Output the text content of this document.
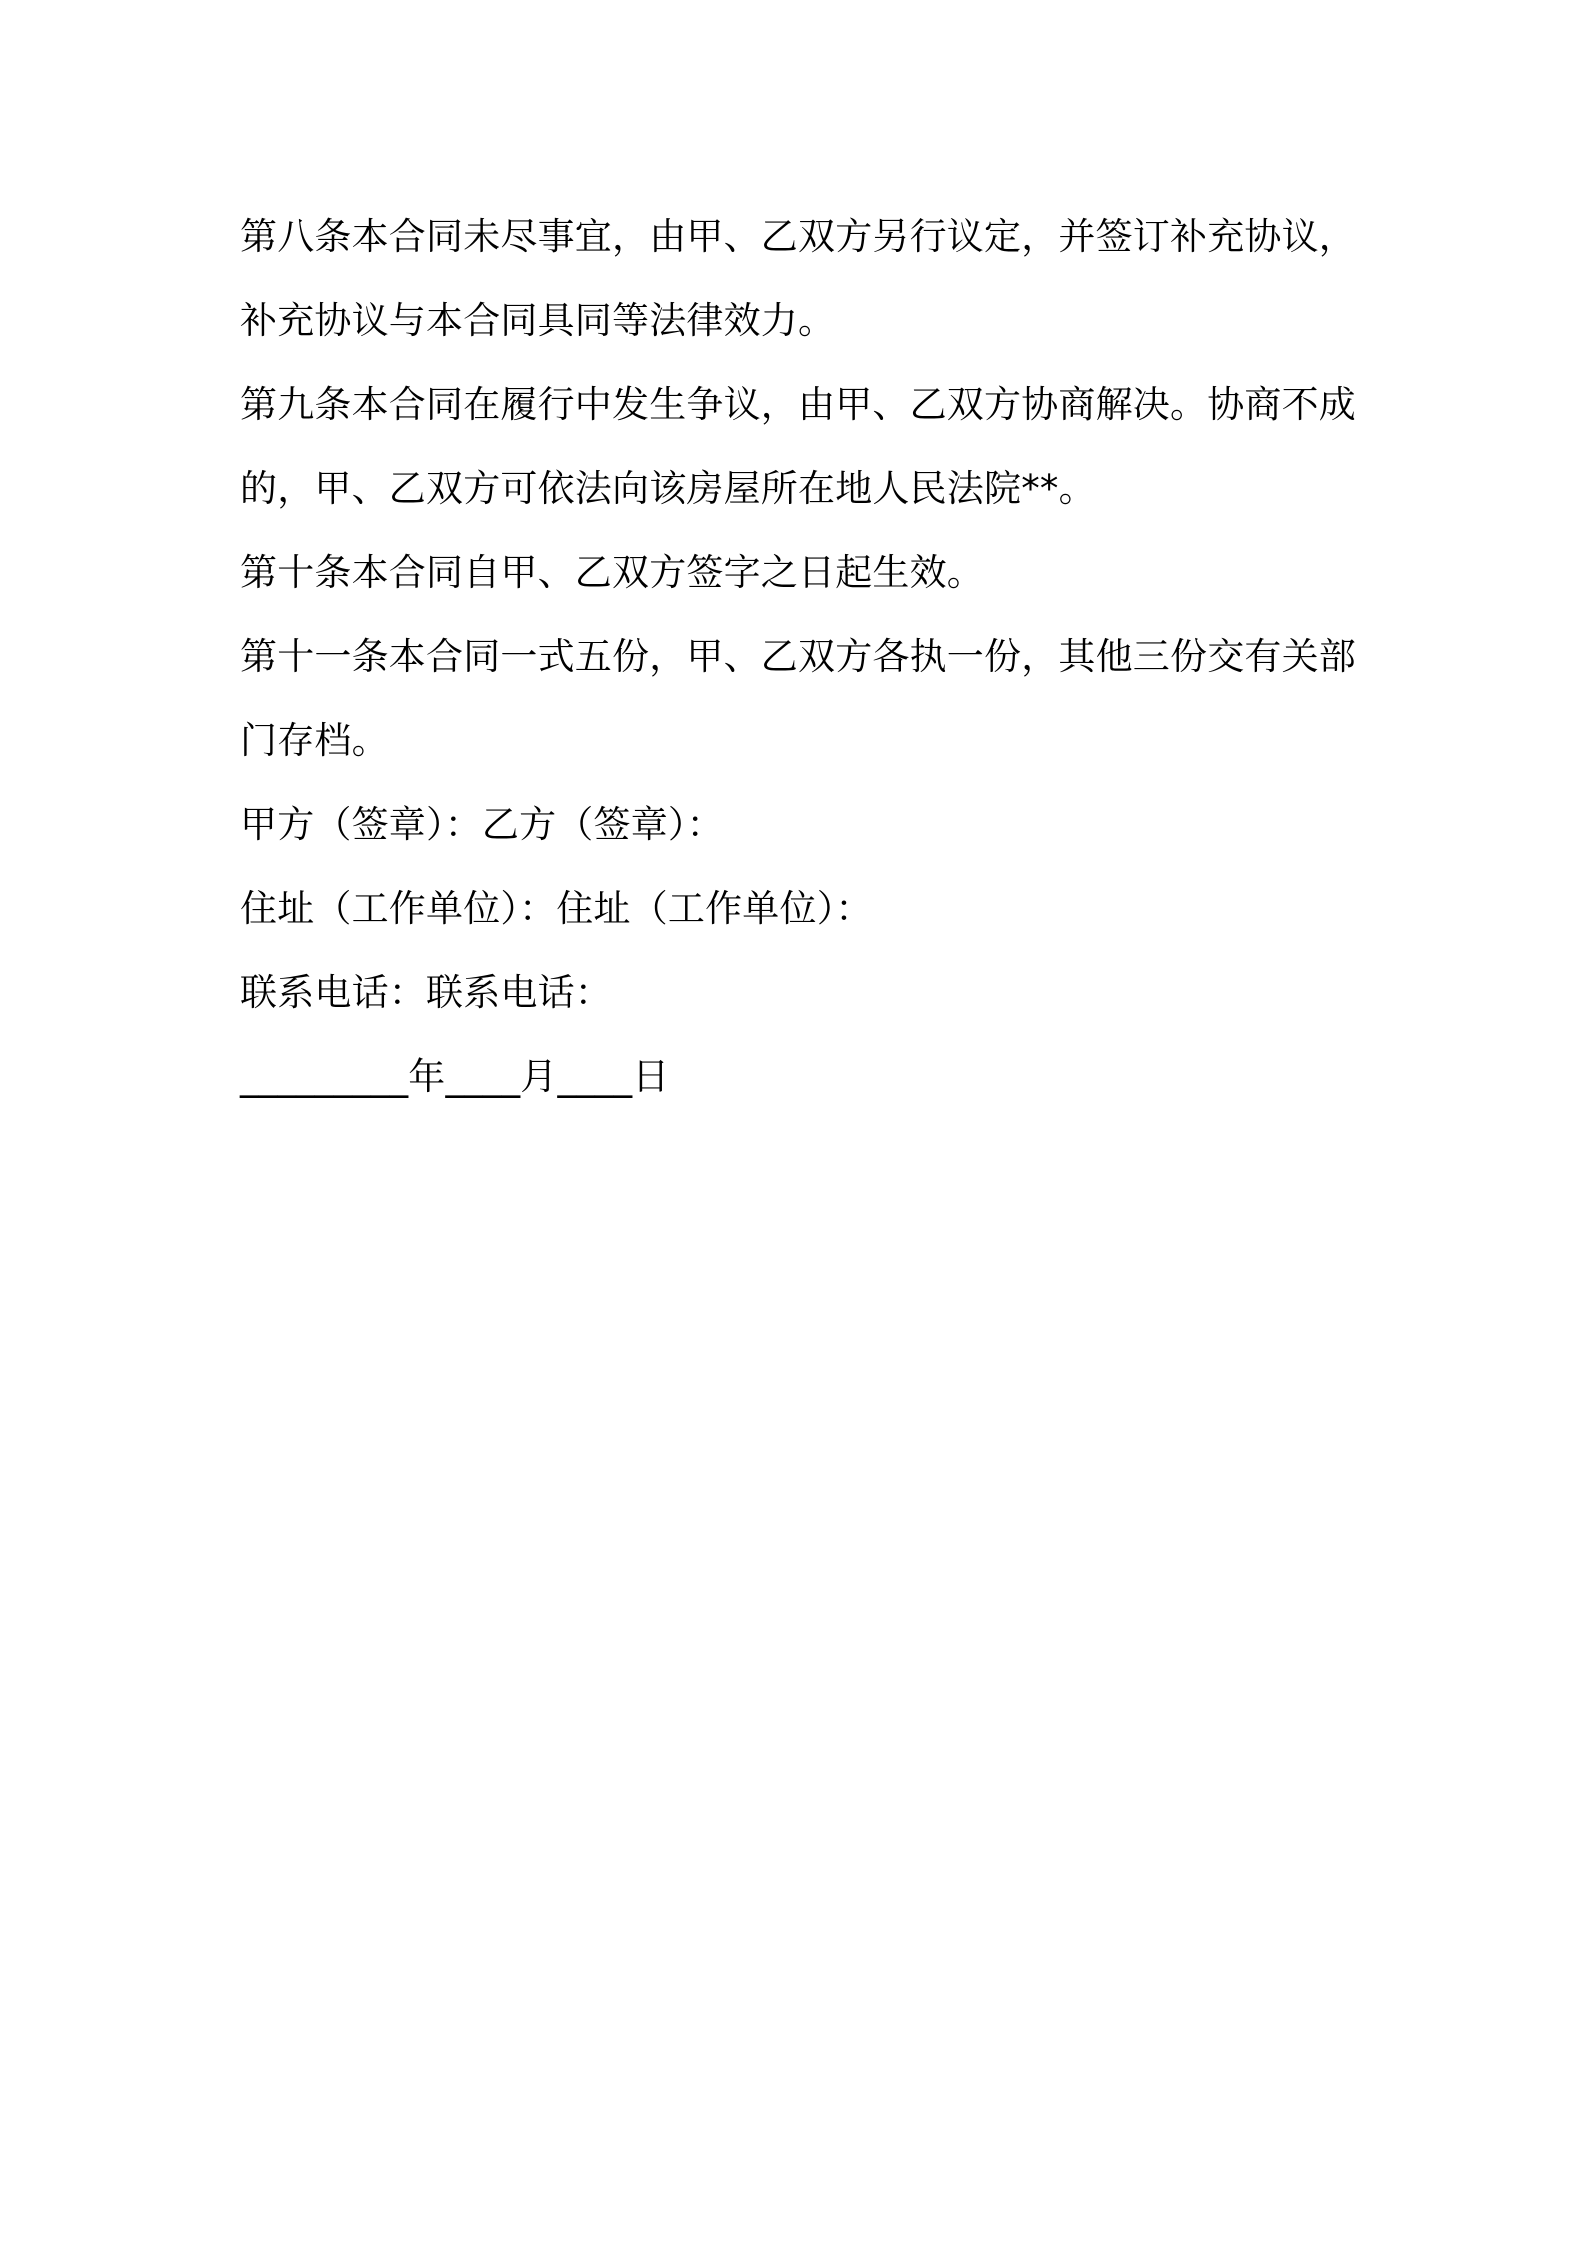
第八条本合同未尽事宜，由甲、乙双方另行议定，并签订补充协议，
补充协议与本合同具同等法律效力。
第九条本合同在履行中发生争议，由甲、乙双方协商解决。协商不成
的，甲、乙双方可依法向该房屋所在地人民法院**。
第十条本合同自甲、乙双方签字之日起生效。
第十一条本合同一式五份，甲、乙双方各执一份，其他三份交有关部
门存档。
甲方（签章）：乙方（签章）：
住址（工作单位）：住址（工作单位）：
联系电话：联系电话：
_________年____月____日
